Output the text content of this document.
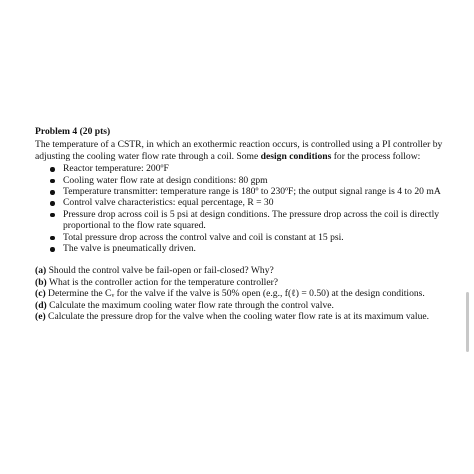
Problem 4 (20 pts)

The temperature of a CSTR, in which an exothermic reaction occurs, is controlled using a PI controller by adjusting the cooling water flow rate through a coil. Some design conditions for the process follow:

Reactor temperature: 200ºF
Cooling water flow rate at design conditions: 80 gpm
Temperature transmitter: temperature range is 180º to 230ºF; the output signal range is 4 to 20 mA
Control valve characteristics: equal percentage, R = 30
Pressure drop across coil is 5 psi at design conditions. The pressure drop across the coil is directly proportional to the flow rate squared.
Total pressure drop across the control valve and coil is constant at 15 psi.
The valve is pneumatically driven.

(a) Should the control valve be fail-open or fail-closed? Why?

(b) What is the controller action for the temperature controller?

(c) Determine the Cᵥ for the valve if the valve is 50% open (e.g., f(ℓ) = 0.50) at the design conditions.

(d) Calculate the maximum cooling water flow rate through the control valve.

(e) Calculate the pressure drop for the valve when the cooling water flow rate is at its maximum value.
